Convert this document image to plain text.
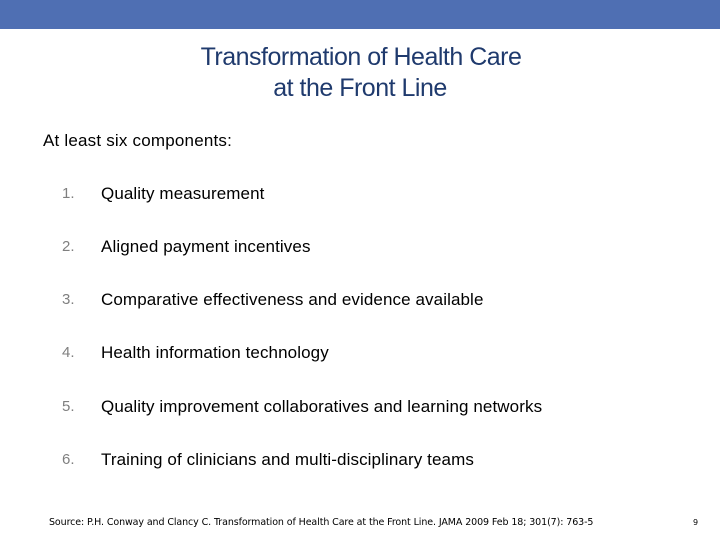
Transformation of Health Care
at the Front Line
At least six components:
1. Quality measurement
2. Aligned payment incentives
3. Comparative effectiveness and evidence available
4. Health information technology
5. Quality improvement collaboratives and learning networks
6. Training of clinicians and multi-disciplinary teams
Source: P.H. Conway and Clancy C. Transformation of Health Care at the Front Line. JAMA 2009 Feb 18; 301(7): 763-5	9
